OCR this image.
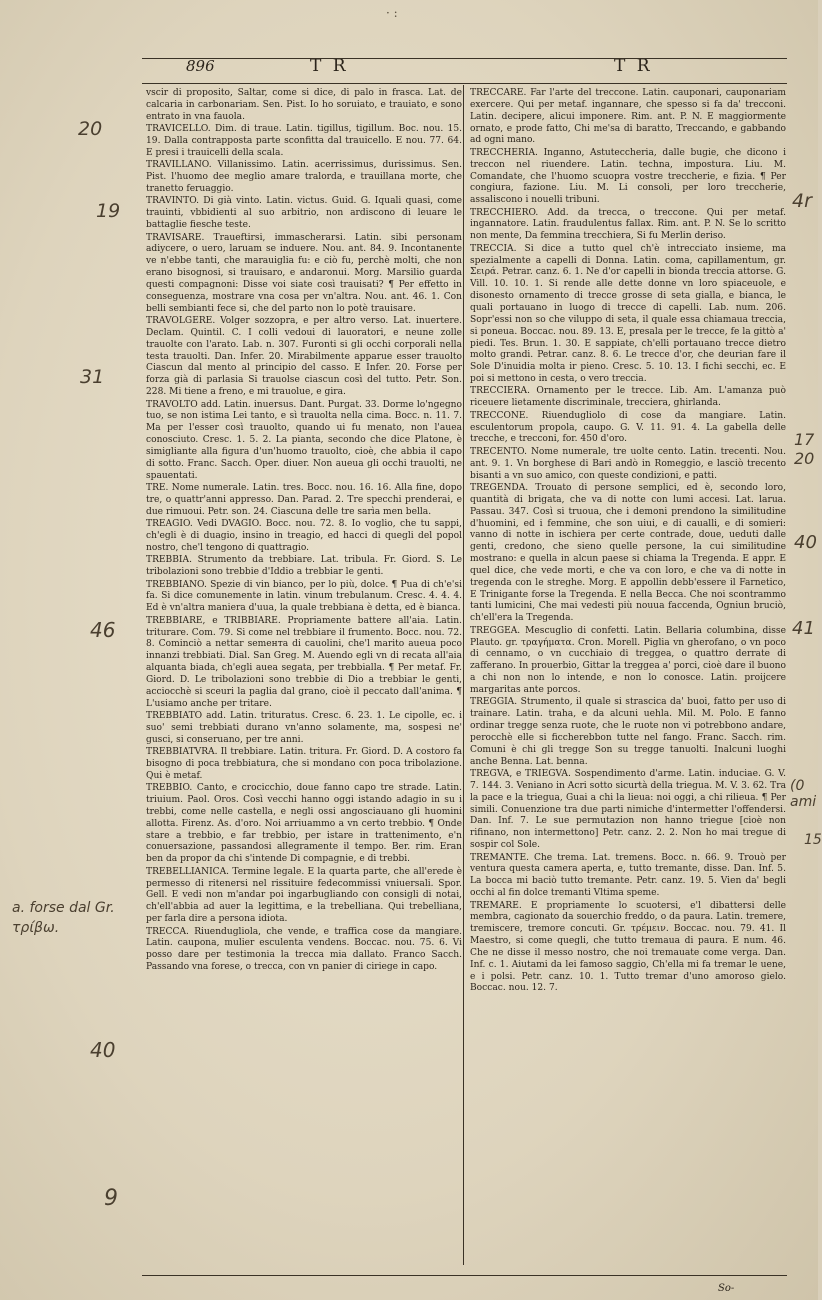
· :
896	T R	T R

vscir di proposito, Saltar, come si dice, di palo in frasca. Lat. de calcaria in carbonariam. Sen. Pist. Io ho soruiato, e trauiato, e sono entrato in vna fauola.

TRAVICELLO. Dim. di traue. Latin. tigillus, tigillum. Boc. nou. 15. 19. Dalla contrapposta parte sconfitta dal trauicello. E nou. 77. 64. E presi i trauicelli della scala.

TRAVILLANO. Villanissimo. Latin. acerrissimus, durissimus. Sen. Pist. l'huomo dee meglio amare tralorda, e trauillana morte, che tranetto feruaggio.

TRAVINTO. Di già vinto. Latin. victus. Guid. G. Iquali quasi, come trauinti, vbbidienti al suo arbitrio, non ardiscono di leuare le battaglie fiesche teste.

TRAVISARE. Traueftirsi, immascherarsi. Latin. sibi personam adiycere, o uero, laruam se induere. Nou. ant. 84. 9. Incontanente ve n'ebbe tanti, che marauiglia fu: e ciò fu, perchè molti, che non erano bisognosi, si trauisaro, e andaronui. Morg. Marsilio guarda questi compagnoni: Disse voi siate così trauisati? ¶ Per effetto in conseguenza, mostrare vna cosa per vn'altra. Nou. ant. 46. 1. Con belli sembianti fece si, che del parto non lo potè trauisare.

TRAVOLGERE. Volger sozzopra, e per altro verso. Lat. inuertere. Declam. Quintil. C. I colli vedoui di lauoratori, e neune zolle trauolte con l'arato. Lab. n. 307. Furonti si gli occhi corporali nella testa trauolti. Dan. Infer. 20. Mirabilmente apparue esser trauolto Ciascun dal mento al principio del casso. E Infer. 20. Forse per forza già di parlasia Si trauolse ciascun così del tutto. Petr. Son. 228. Mi tiene a freno, e mi trauolue, e gira.

TRAVOLTO add. Latin. inuersus. Dant. Purgat. 33. Dorme lo'ngegno tuo, se non istima Lei tanto, e sì trauolta nella cima. Bocc. n. 11. 7. Ma per l'esser così trauolto, quando ui fu menato, non l'auea conosciuto. Cresc. 1. 5. 2. La pianta, secondo che dice Platone, è simigliante alla figura d'un'huomo trauolto, cioè, che abbia il capo di sotto. Franc. Sacch. Oper. diuer. Non aueua gli occhi trauolti, ne spauentati.

TRE. Nome numerale. Latin. tres. Bocc. nou. 16. 16. Alla fine, dopo tre, o quattr'anni appresso. Dan. Parad. 2. Tre specchi prenderai, e due rimuoui. Petr. son. 24. Ciascuna delle tre sarìa men bella.

TREAGIO. Vedi DVAGIO. Bocc. nou. 72. 8. Io voglio, che tu sappi, ch'egli è di duagio, insino in treagio, ed hacci di quegli del popol nostro, che'l tengono di quattragio.

TREBBIA. Strumento da trebbiare. Lat. tribula. Fr. Giord. S. Le tribolazioni sono trebbie d'Iddio a trebbiar le genti.

TREBBIANO. Spezie di vin bianco, per lo più, dolce. ¶ Pua di ch'e'si fa. Si dice comunemente in latin. vinum trebulanum. Cresc. 4. 4. 4. Ed è vn'altra maniera d'uua, la quale trebbiana è detta, ed è bianca.

TREBBIARE, e TRIBBIARE. Propriamente battere all'aia. Latin. triturare. Com. 79. Si come nel trebbiare il frumento. Bocc. nou. 72. 8. Cominciò a nettar semента di cauolini, che'l marito aueua poco innanzi trebbiati. Dial. San Greg. M. Auendo egli vn di recata all'aia alquanta biada, ch'egli auea segata, per trebbialla. ¶ Per metaf. Fr. Giord. D. Le tribolazioni sono trebbie di Dio a trebbiar le genti, acciocchè si sceuri la paglia dal grano, cioè il peccato dall'anima. ¶ L'usiamo anche per tritare.

TREBBIATO add. Latin. trituratus. Cresc. 6. 23. 1. Le cipolle, ec. i suo' semi trebbiati durano vn'anno solamente, ma, sospesi ne' gusci, si conseruano, per tre anni.

TREBBIATVRA. Il trebbiare. Latin. tritura. Fr. Giord. D. A costoro fa bisogno di poca trebbiatura, che si mondano con poca tribolazione. Qui è metaf.

TREBBIO. Canto, e crocicchio, doue fanno capo tre strade. Latin. triuium. Paol. Oros. Così vecchi hanno oggi istando adagio in su i trebbi, come nelle castella, e negli ossi angosciauano gli huomini allotta. Firenz. As. d'oro. Noi arriuammo a vn certo trebbio. ¶ Onde stare a trebbio, e far trebbio, per istare in trattenimento, e'n conuersazione, passandosi allegramente il tempo. Ber. rim. Eran ben da propor da chi s'intende Di compagnie, e di trebbi.

TREBELLIANICA. Termine legale. E la quarta parte, che all'erede è permesso di ritenersi nel rissituire fedecommissi vniuersali. Spor. Gell. E vedi non m'andar poi ingarbugliando con consigli di notai, ch'ell'abbia ad auer la legittima, e la trebelliana. Qui trebelliana, per farla dire a persona idiota.

TRECCA. Riuendugliola, che vende, e traffica cose da mangiare. Latin. caupona, mulier esculenta vendens. Boccac. nou. 75. 6. Vi posso dare per testimonia la trecca mia dallato. Franco Sacch. Passando vna forese, o trecca, con vn panier di ciriege in capo.

TRECCARE. Far l'arte del treccone. Latin. cauponari, cauponariam exercere. Qui per metaf. ingannare, che spesso si fa da' trecconi. Latin. decipere, alicui imponere. Rim. ant. P. N. E maggiormente ornato, e prode fatto, Chi me'sa di baratto, Treccando, e gabbando ad ogni mano.

TRECCHERIA. Inganno, Astuteccheria, dalle bugie, che dicono i treccon nel riuendere. Latin. techna, impostura. Liu. M. Comandate, che l'huomo scuopra vostre treccherie, e fizia. ¶ Per congiura, fazione. Liu. M. Li consoli, per loro treccherie, assaliscono i nouelli tribuni.

TRECCHIERO. Add. da trecca, o treccone. Qui per metaf. ingannatore. Latin. fraudulentus fallax. Rim. ant. P. N. Se lo scritto non mente, Da femmina trecchiera, Si fu Merlin deriso.

TRECCIA. Si dice a tutto quel ch'è intrecciato insieme, ma spezialmente a capelli di Donna. Latin. coma, capillamentum, gr. Σειρά. Petrar. canz. 6. 1. Ne d'or capelli in bionda treccia attorse. G. Vill. 10. 10. 1. Si rende alle dette donne vn loro spiaceuole, e disonesto ornamento di trecce grosse di seta gialla, e bianca, le quali portauano in luogo di trecce di capelli. Lab. num. 206. Sopr'essi non so che viluppo di seta, il quale essa chiamaua treccia, si poneua. Boccac. nou. 89. 13. E, presala per le trecce, fe la gittò a' piedi. Tes. Brun. 1. 30. E sappiate, ch'elli portauano trecce dietro molto grandi. Petrar. canz. 8. 6. Le trecce d'or, che deurian fare il Sole D'inuidia molta ir pieno. Cresc. 5. 10. 13. I fichi secchi, ec. E poi si mettono in cesta, o vero treccia.

TRECCIERA. Ornamento per le trecce. Lib. Am. L'amanza può riceuere lietamente discriminale, trecciera, ghirlanda.

TRECCONE. Riuendugliolo di cose da mangiare. Latin. esculentorum propola, caupo. G. V. 11. 91. 4. La gabella delle trecche, e trecconi, for. 450 d'oro.

TRECENTO. Nome numerale, tre uolte cento. Latin. trecenti. Nou. ant. 9. 1. Vn borghese di Bari andò in Romeggio, e lasciò trecento bisanti a vn suo amico, con queste condizioni, e patti.

TREGENDA. Trouato di persone semplici, ed è, secondo loro, quantità di brigata, che va di notte con lumi accesi. Lat. larua. Passau. 347. Così si truoua, che i demoni prendono la similitudine d'huomini, ed i femmine, che son uiui, e di caualli, e di somieri: vanno di notte in ischiera per certe contrade, doue, ueduti dalle genti, credono, che sieno quelle persone, la cui similitudine mostrano: e quella in alcun paese si chiama la Tregenda. E appr. E quel dice, che vede morti, e che va con loro, e che va di notte in tregenda con le streghe. Morg. E appollin debb'essere il Farnetico, E Trinigante forse la Tregenda. E nella Becca. Che noi scontrammo tanti lumicini, Che mai vedesti più nouua faccenda, Ogniun bruciò, ch'ell'era la Tregenda.

TREGGEA. Mescuglio di confetti. Latin. Bellaria columbina, disse Plauto. gr. τραγήματα. Cron. Morell. Piglia vn gherofano, o vn poco di cennamo, o vn cucchiaio di treggea, o quattro derrate di zafferano. In prouerbio, Gittar la treggea a' porci, cioè dare il buono a chi non non lo intende, e non lo conosce. Latin. proijcere margaritas ante porcos.

TREGGIA. Strumento, il quale si strascica da' buoi, fatto per uso di trainare. Latin. traha, e da alcuni uehla. Mil. M. Polo. E fanno ordinar tregge senza ruote, che le ruote non vi potrebbono andare, perocchè elle si ficcherebbon tutte nel fango. Franc. Sacch. rim. Comuni è chi gli tregge Son su tregge tanuolti. Inalcuni luoghi anche Benna. Lat. benna.

TREGVA, e TRIEGVA. Sospendimento d'arme. Latin. induciae. G. V. 7. 144. 3. Veniano in Acri sotto sicurtà della triegua. M. V. 3. 62. Tra la pace e la triegua, Guai a chi la lieua: noi oggi, a chi rilieua. ¶ Per simili. Conuenzione tra due parti nimiche d'intermetter l'offendersi. Dan. Inf. 7. Le sue permutazion non hanno triegue [cioè non rifinano, non intermettono] Petr. canz. 2. 2. Non ho mai tregue di sospir col Sole.

TREMANTE. Che trema. Lat. tremens. Bocc. n. 66. 9. Trouò per ventura questa camera aperta, e, tutto tremante, disse. Dan. Inf. 5. La bocca mi baciò tutto tremante. Petr. canz. 19. 5. Vien da' begli occhi al fin dolce tremanti Vltima speme.

TREMARE. E propriamente lo scuotersi, e'l dibattersi delle membra, cagionato da souerchio freddo, o da paura. Latin. tremere, tremiscere, tremore concuti. Gr. τρέμειν. Boccac. nou. 79. 41. Il Maestro, si come quegli, che tutto tremaua di paura. E num. 46. Che ne disse il messo nostro, che noi tremauate come verga. Dan. Inf. c. 1. Aiutami da lei famoso saggio, Ch'ella mi fa tremar le uene, e i polsi. Petr. canz. 10. 1. Tutto tremar d'uno amoroso gielo. Boccac. nou. 12. 7.

So-
20
19
31
46
a. forse dal Gr.
τρίβω.
40
9
4r
17
20
40
41
(0 ami
15
